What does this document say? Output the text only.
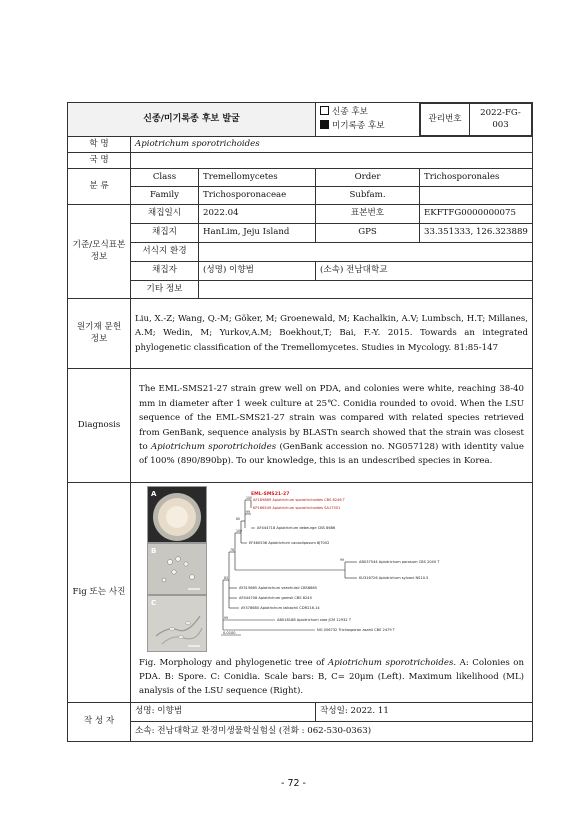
신종/미기록종 후보 발굴	
신종 후보
미기록종 후보

관리번호	2022-FG-003

학 명	Apiotrichum sporotrichoides
국 명	
분 류	Class	Tremellomycetes	Order	Trichosporonales
Family	Trichosporonaceae	Subfam.	
기준/모식표본 정보	채집일시	2022.04	표본번호	EKFTFG0000000075
채집지	HanLim, Jeju Island	GPS	33.351333, 126.323889
서식지 환경	
채집자	(성명) 이향범	(소속) 전남대학교
기타 정보	
원기재 문헌 정보	Liu, X.-Z; Wang, Q.-M; Göker, M; Groenewald, M; Kachalkin, A.V; Lumbsch, H.T; Millanes, A.M; Wedin, M; Yurkov,A.M; Boekhout,T; Bai, F.-Y. 2015. Towards an integrated phylogenetic classification of the Tremellomycetes. Studies in Mycology. 81:85-147
Diagnosis	The EML-SMS21-27 strain grew well on PDA, and colonies were white, reaching 38-40 mm in diameter after 1 week culture at 25℃. Conidia rounded to ovoid. When the LSU sequence of the EML-SMS21-27 strain was compared with related species retrieved from GenBank, sequence analysis by BLASTn search showed that the strain was closest to Apiotrichum sporotrichoides (GenBank accession no. NG057128) with identity value of 100% (890/890bp). To our knowledge, this is an undescribed species in Korea.
Fig 또는 사진	
A
B
C
EML-SMS21-27
AF189889 Apiotrichum sporotrichoides CBS 8246 T
KP186549 Apiotrichum sporotrichoides SA17501
AF444718 Apiotrichum debeurge CBS 8686
EF460536 Apiotrichum cacaoliposum 8JT002
AB037544 Apiotrichum porosum CBS 2040 T
KU316726 Apiotrichum sylvani NS10.5
AY315665 Apiotrichum veenhuisii CBS6865
AF444708 Apiotrichum gamsii CBS 8245
AY378680 Apiotrichum laibachii CDR216.14
AB018188 Apiotrichum xiae JCM 12932 T
NG 056732 Trichosporon asahii CBS 2479 T
100
99
80
100
76
99
83
99
0.0100
Fig. Morphology and phylogenetic tree of Apiotrichum sporotrichoides. A: Colonies on PDA. B: Spore. C: Conidia. Scale bars: B, C= 20μm (Left). Maximum likelihood (ML) analysis of the LSU sequence (Right).

작 성 자	성명: 이향범	작성일: 2022. 11
소속: 전남대학교 환경미생물학실험실 (전화 : 062-530-0363)
- 72 -
